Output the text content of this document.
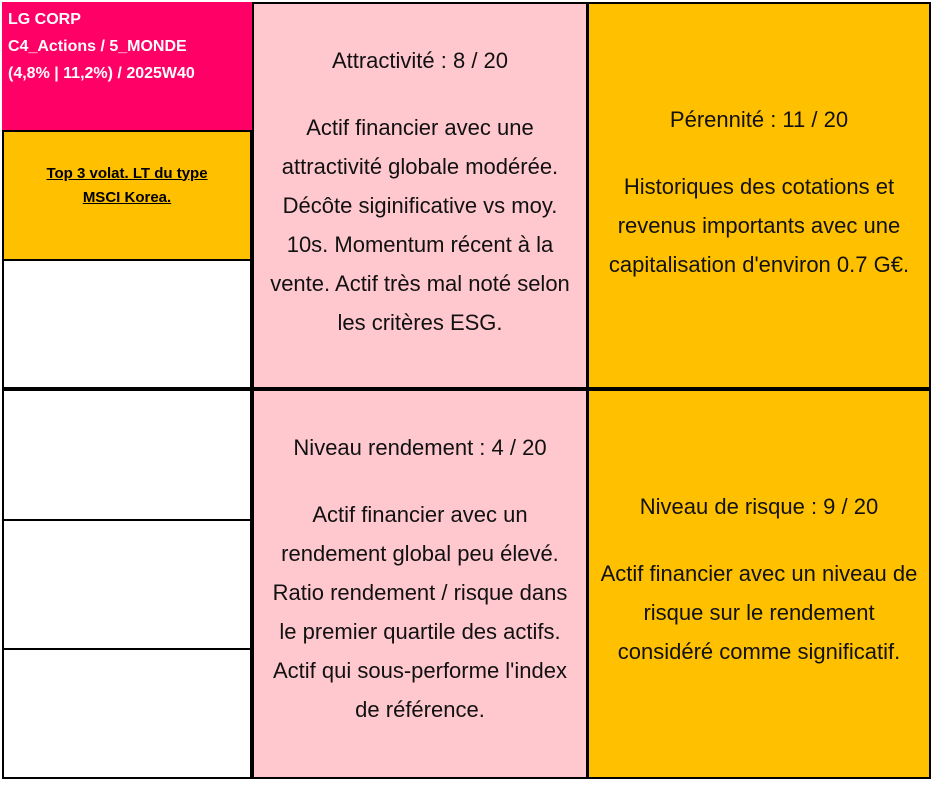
LG CORP
C4_Actions / 5_MONDE
(4,8% | 11,2%) / 2025W40
Top 3 volat. LT du type
MSCI Korea.
Attractivité : 8 / 20
Actif financier avec une
attractivité globale modérée.
Décôte siginificative vs moy.
10s. Momentum récent à la
vente. Actif très mal noté selon
les critères ESG.
Pérennité : 11 / 20
Historiques des cotations et
revenus importants avec une
capitalisation d'environ 0.7 G€.
Niveau rendement : 4 / 20
Actif financier avec un
rendement global peu élevé.
Ratio rendement / risque dans
le premier quartile des actifs.
Actif qui sous-performe l'index
de référence.
Niveau de risque : 9 / 20
Actif financier avec un niveau de
risque sur le rendement
considéré comme significatif.
